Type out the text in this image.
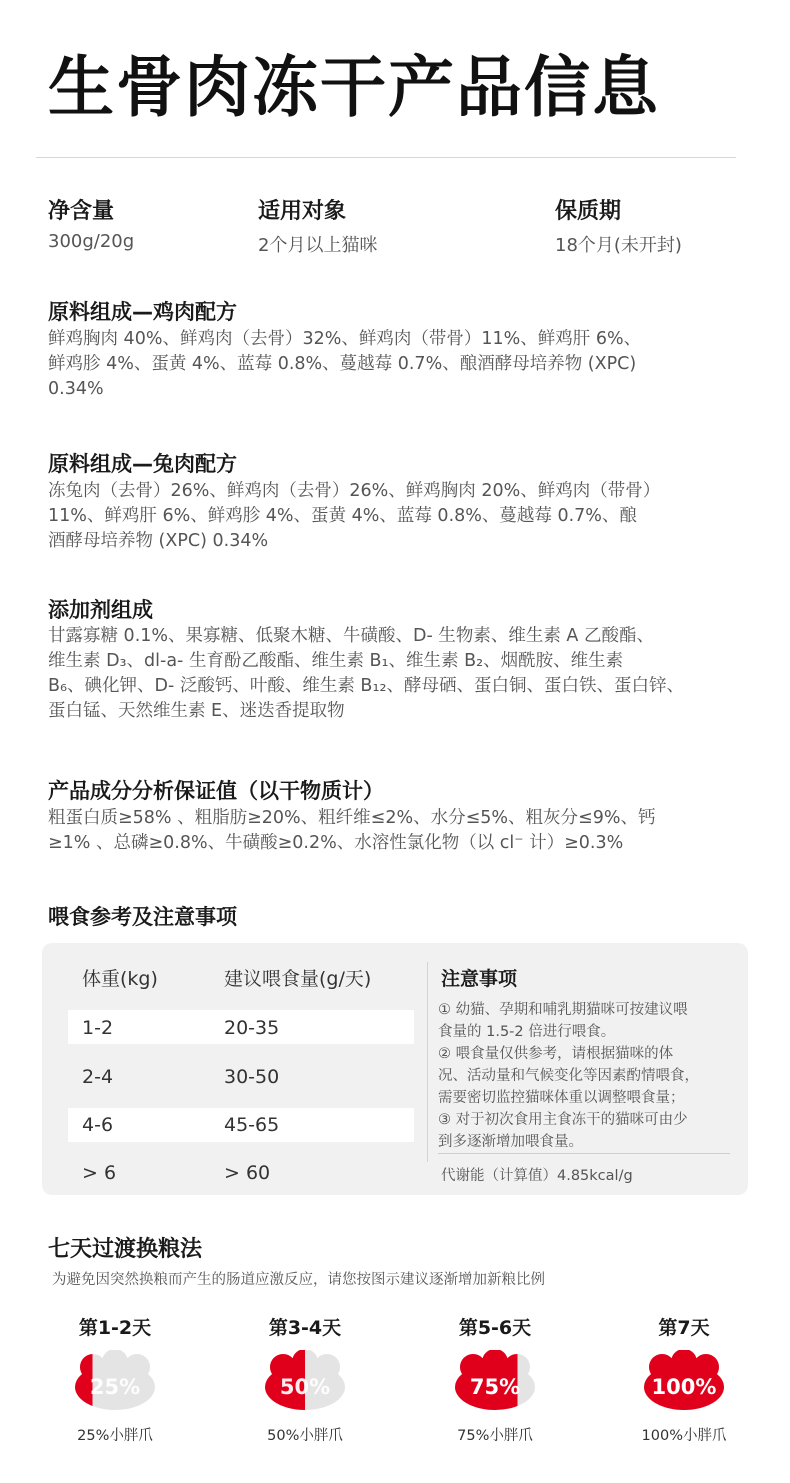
生骨肉冻干产品信息
净含量
300g/20g
适用对象
2个月以上猫咪
保质期
18个月(未开封)
原料组成—鸡肉配方
鲜鸡胸肉 40%、鲜鸡肉（去骨）32%、鲜鸡肉（带骨）11%、鲜鸡肝 6%、
鲜鸡胗 4%、蛋黄 4%、蓝莓 0.8%、蔓越莓 0.7%、酿酒酵母培养物 (XPC)
0.34%
原料组成—兔肉配方
冻兔肉（去骨）26%、鲜鸡肉（去骨）26%、鲜鸡胸肉 20%、鲜鸡肉（带骨）
11%、鲜鸡肝 6%、鲜鸡胗 4%、蛋黄 4%、蓝莓 0.8%、蔓越莓 0.7%、酿
酒酵母培养物 (XPC) 0.34%
添加剂组成
甘露寡糖 0.1%、果寡糖、低聚木糖、牛磺酸、D- 生物素、维生素 A 乙酸酯、
维生素 D₃、dl-a- 生育酚乙酸酯、维生素 B₁、维生素 B₂、烟酰胺、维生素
B₆、碘化钾、D- 泛酸钙、叶酸、维生素 B₁₂、酵母硒、蛋白铜、蛋白铁、蛋白锌、
蛋白锰、天然维生素 E、迷迭香提取物
产品成分分析保证值（以干物质计）
粗蛋白质≥58% 、粗脂肪≥20%、粗纤维≤2%、水分≤5%、粗灰分≤9%、钙
≥1% 、总磷≥0.8%、牛磺酸≥0.2%、水溶性氯化物（以 cl⁻ 计）≥0.3%
喂食参考及注意事项
体重(kg)	建议喂食量(g/天)
1-2	20-35
2-4	30-50
4-6	45-65
> 6	> 60
注意事项
① 幼猫、孕期和哺乳期猫咪可按建议喂
食量的 1.5-2 倍进行喂食。
② 喂食量仅供参考，请根据猫咪的体
况、活动量和气候变化等因素酌情喂食，
需要密切监控猫咪体重以调整喂食量；
③ 对于初次食用主食冻干的猫咪可由少
到多逐渐增加喂食量。
代谢能（计算值）4.85kcal/g
七天过渡换粮法
为避免因突然换粮而产生的肠道应激反应，请您按图示建议逐渐增加新粮比例
第1-2天
25%
25%小胖爪
第3-4天
50%
50%小胖爪
第5-6天
75%
75%小胖爪
第7天
100%
100%小胖爪
